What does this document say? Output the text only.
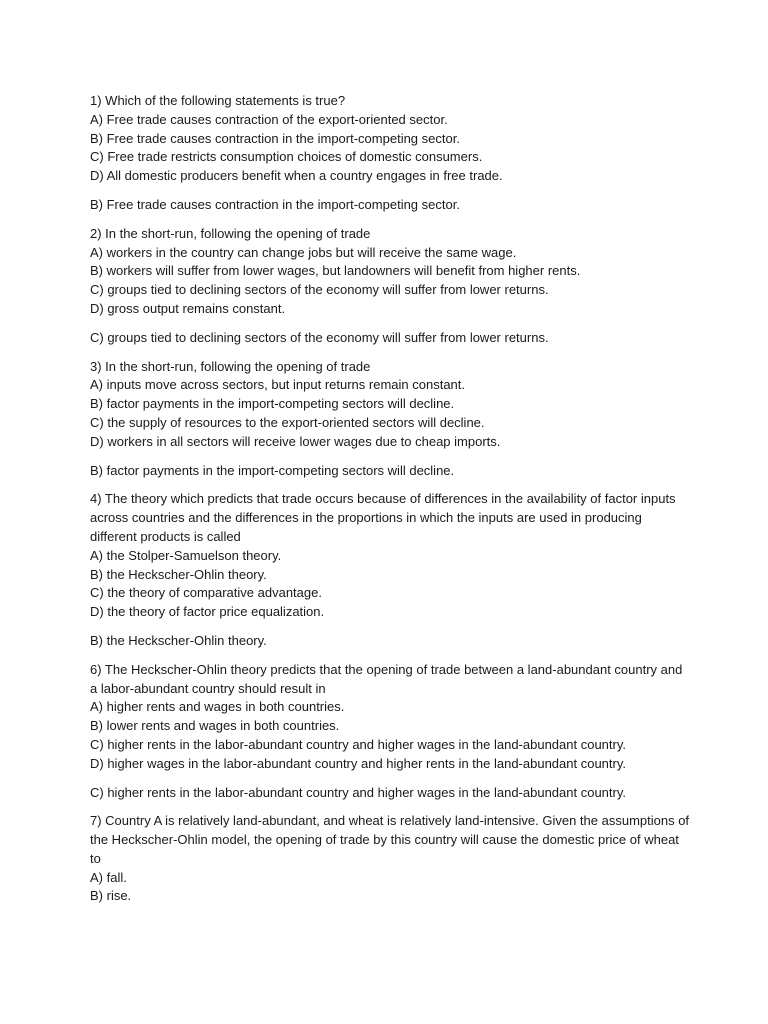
1) Which of the following statements is true?
A) Free trade causes contraction of the export-oriented sector.
B) Free trade causes contraction in the import-competing sector.
C) Free trade restricts consumption choices of domestic consumers.
D) All domestic producers benefit when a country engages in free trade.
B) Free trade causes contraction in the import-competing sector.
2) In the short-run, following the opening of trade
A) workers in the country can change jobs but will receive the same wage.
B) workers will suffer from lower wages, but landowners will benefit from higher rents.
C) groups tied to declining sectors of the economy will suffer from lower returns.
D) gross output remains constant.
C) groups tied to declining sectors of the economy will suffer from lower returns.
3) In the short-run, following the opening of trade
A) inputs move across sectors, but input returns remain constant.
B) factor payments in the import-competing sectors will decline.
C) the supply of resources to the export-oriented sectors will decline.
D) workers in all sectors will receive lower wages due to cheap imports.
B) factor payments in the import-competing sectors will decline.
4) The theory which predicts that trade occurs because of differences in the availability of factor inputs
across countries and the differences in the proportions in which the inputs are used in producing
different products is called
A) the Stolper-Samuelson theory.
B) the Heckscher-Ohlin theory.
C) the theory of comparative advantage.
D) the theory of factor price equalization.
B) the Heckscher-Ohlin theory.
6) The Heckscher-Ohlin theory predicts that the opening of trade between a land-abundant country and
a labor-abundant country should result in
A) higher rents and wages in both countries.
B) lower rents and wages in both countries.
C) higher rents in the labor-abundant country and higher wages in the land-abundant country.
D) higher wages in the labor-abundant country and higher rents in the land-abundant country.
C) higher rents in the labor-abundant country and higher wages in the land-abundant country.
7) Country A is relatively land-abundant, and wheat is relatively land-intensive. Given the assumptions of
the Heckscher-Ohlin model, the opening of trade by this country will cause the domestic price of wheat
to
A) fall.
B) rise.
